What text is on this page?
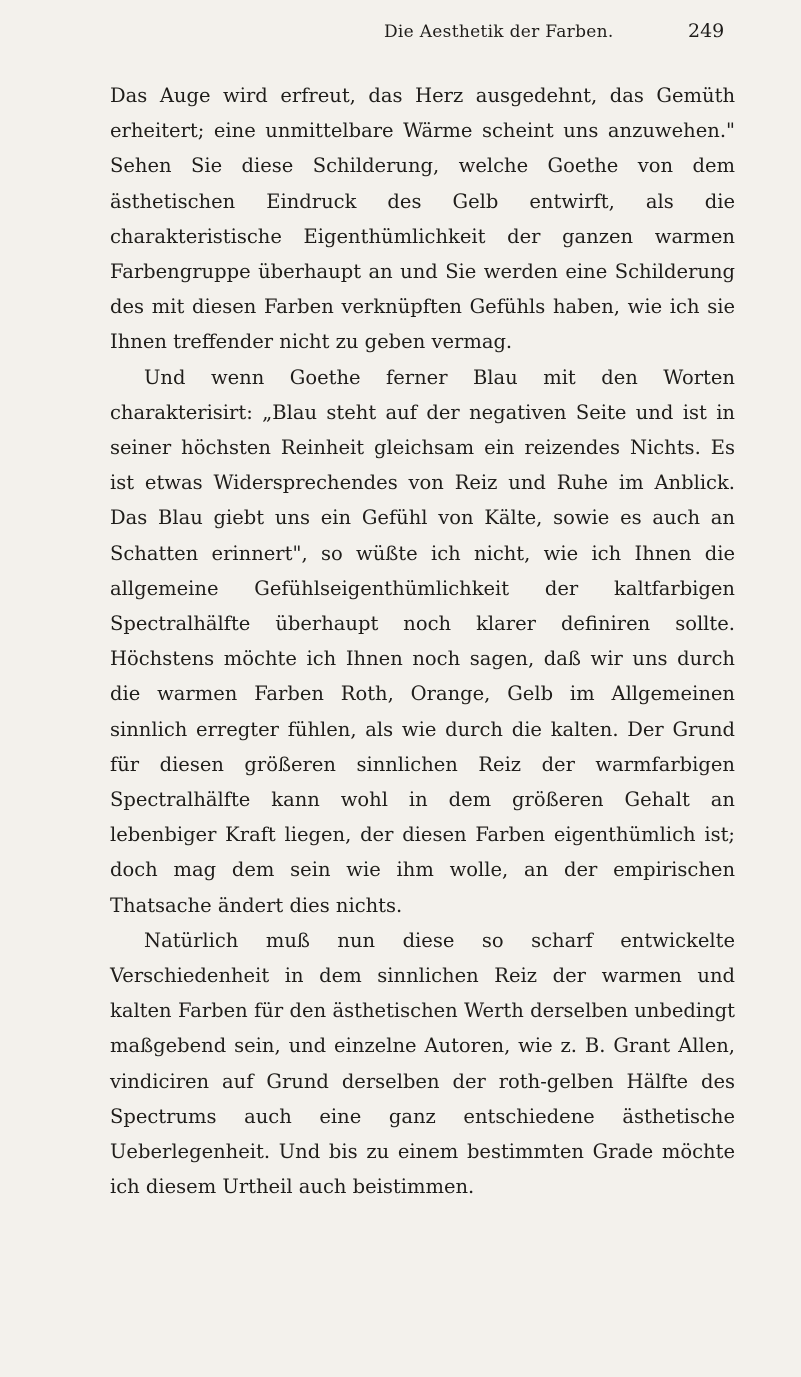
Die Aesthetik der Farben.	249

Das Auge wird erfreut, das Herz ausgedehnt, das Gemüth erheitert; eine unmittelbare Wärme scheint uns anzuwehen." Sehen Sie diese Schilderung, welche Goethe von dem ästhetischen Eindruck des Gelb entwirft, als die charakteristische Eigenthümlichkeit der ganzen warmen Farbengruppe überhaupt an und Sie werden eine Schilderung des mit diesen Farben verknüpften Gefühls haben, wie ich sie Ihnen treffender nicht zu geben vermag.

Und wenn Goethe ferner Blau mit den Worten charakterisirt: „Blau steht auf der negativen Seite und ist in seiner höchsten Reinheit gleichsam ein reizendes Nichts. Es ist etwas Widersprechendes von Reiz und Ruhe im Anblick. Das Blau giebt uns ein Gefühl von Kälte, sowie es auch an Schatten erinnert", so wüßte ich nicht, wie ich Ihnen die allgemeine Gefühlseigenthümlichkeit der kaltfarbigen Spectralhälfte überhaupt noch klarer definiren sollte. Höchstens möchte ich Ihnen noch sagen, daß wir uns durch die warmen Farben Roth, Orange, Gelb im Allgemeinen sinnlich erregter fühlen, als wie durch die kalten. Der Grund für diesen größeren sinnlichen Reiz der warmfarbigen Spectralhälfte kann wohl in dem größeren Gehalt an lebenbiger Kraft liegen, der diesen Farben eigenthümlich ist; doch mag dem sein wie ihm wolle, an der empirischen Thatsache ändert dies nichts.

Natürlich muß nun diese so scharf entwickelte Verschiedenheit in dem sinnlichen Reiz der warmen und kalten Farben für den ästhetischen Werth derselben unbedingt maßgebend sein, und einzelne Autoren, wie z. B. Grant Allen, vindiciren auf Grund derselben der roth-gelben Hälfte des Spectrums auch eine ganz entschiedene ästhetische Ueberlegenheit. Und bis zu einem bestimmten Grade möchte ich diesem Urtheil auch beistimmen.
